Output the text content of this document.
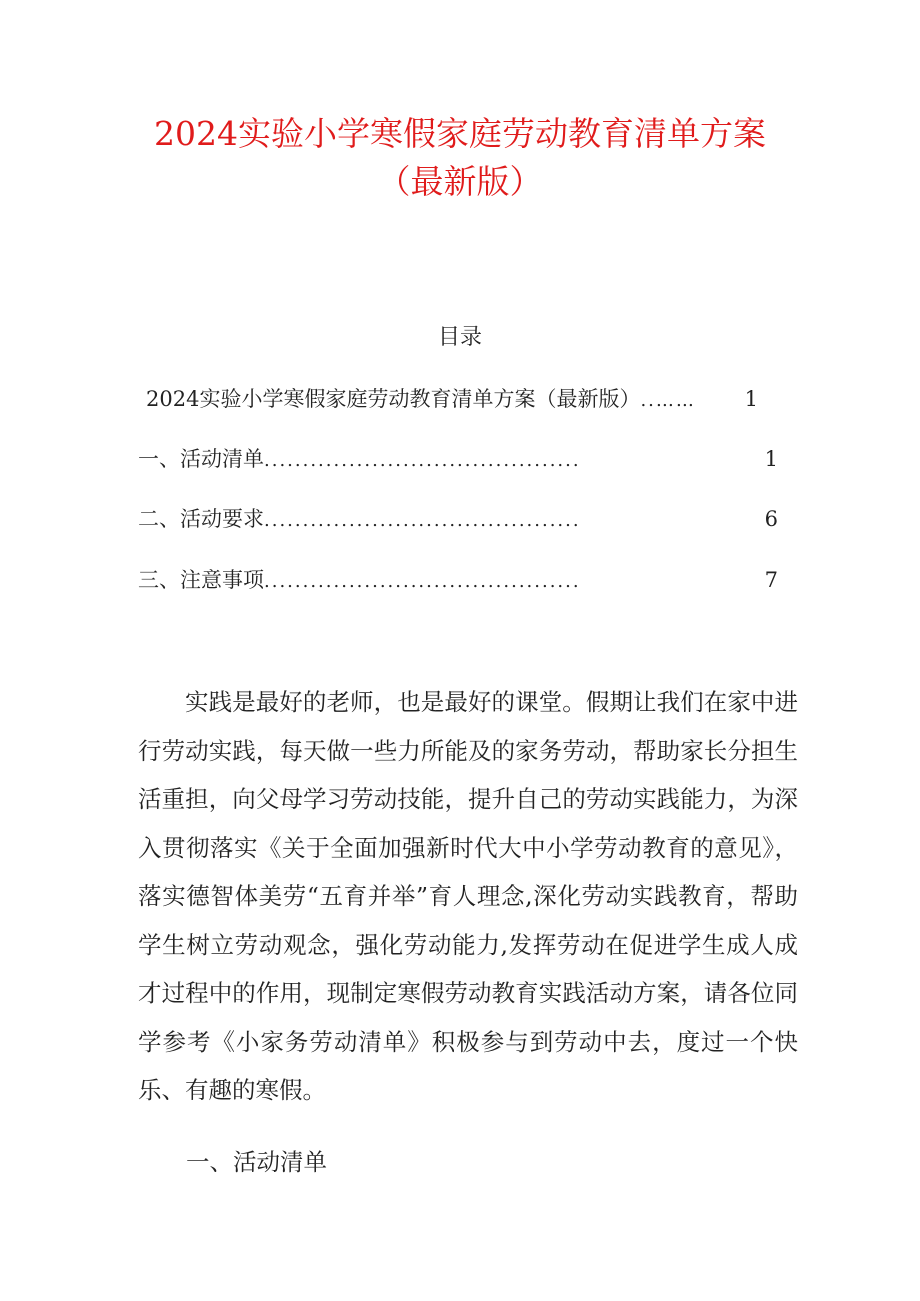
2024实验小学寒假家庭劳动教育清单方案
（最新版）
目录
2024实验小学寒假家庭劳动教育清单方案（最新版） ..……	1
一、活动清单 .........................................	1
二、活动要求 .........................................	6
三、注意事项 .........................................	7

实践是最好的老师，也是最好的课堂。假期让我们在家中进行劳动实践，每天做一些力所能及的家务劳动，帮助家长分担生活重担，向父母学习劳动技能，提升自己的劳动实践能力，为深入贯彻落实《关于全面加强新时代大中小学劳动教育的意见》，落实德智体美劳“五育并举”育人理念,深化劳动实践教育，帮助学生树立劳动观念，强化劳动能力,发挥劳动在促进学生成人成才过程中的作用，现制定寒假劳动教育实践活动方案，请各位同学参考《小家务劳动清单》积极参与到劳动中去，度过一个快乐、有趣的寒假。

一、活动清单
